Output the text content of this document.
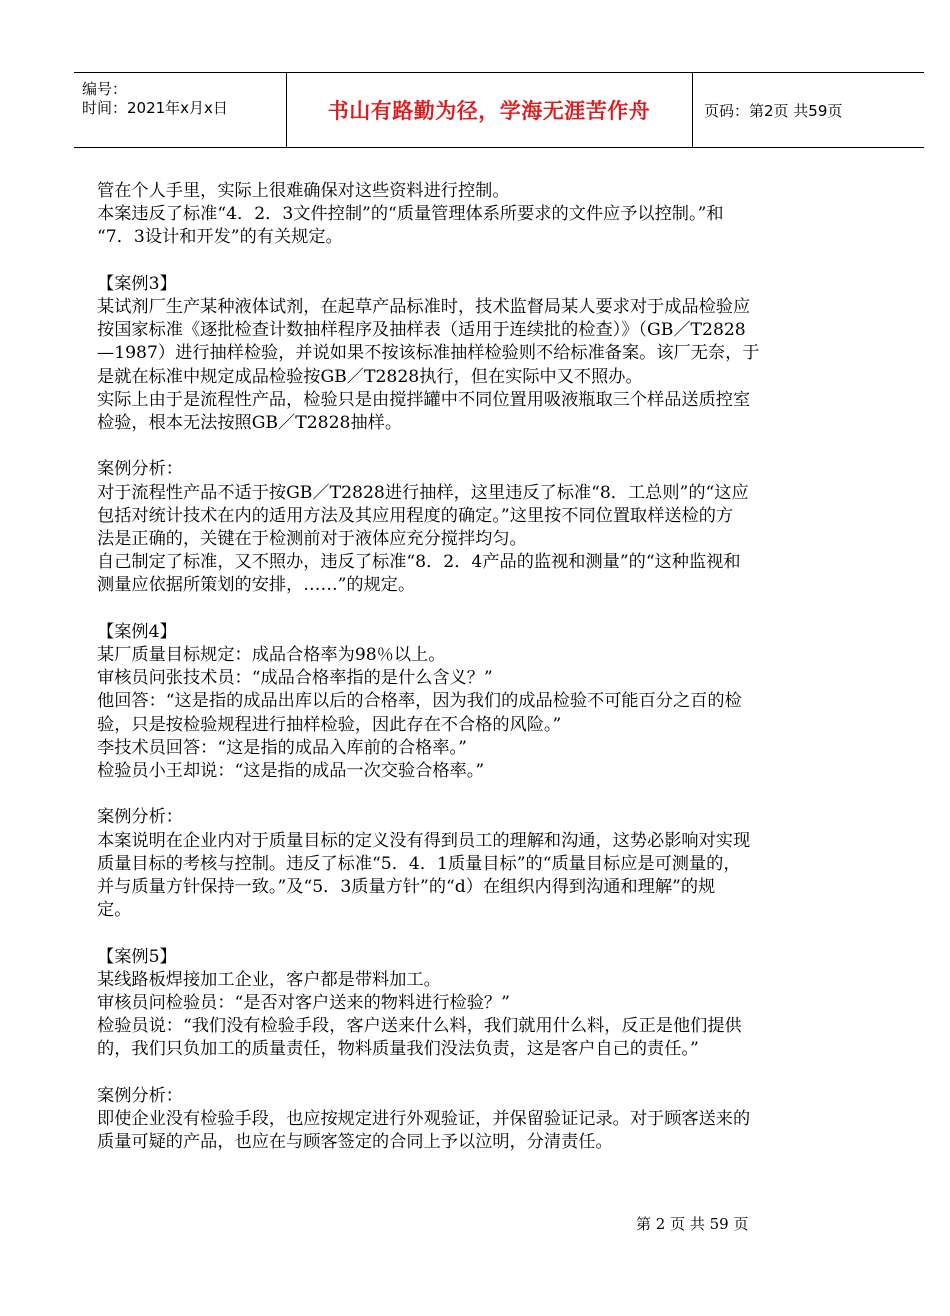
编号：
时间：2021年x月x日	书山有路勤为径，学海无涯苦作舟	页码：第2页 共59页

管在个人手里，实际上很难确保对这些资料进行控制。

本案违反了标准“4．2．3文件控制”的“质量管理体系所要求的文件应予以控制。”和

“7．3设计和开发”的有关规定。

【案例3】

某试剂厂生产某种液体试剂，在起草产品标准时，技术监督局某人要求对于成品检验应

按国家标准《逐批检查计数抽样程序及抽样表（适用于连续批的检查）》（GB／T2828

—1987）进行抽样检验，并说如果不按该标准抽样检验则不给标准备案。该厂无奈，于

是就在标准中规定成品检验按GB／T2828执行，但在实际中又不照办。

实际上由于是流程性产品，检验只是由搅拌罐中不同位置用吸液瓶取三个样品送质控室

检验，根本无法按照GB／T2828抽样。

案例分析：

对于流程性产品不适于按GB／T2828进行抽样，这里违反了标准“8．工总则”的“这应

包括对统计技术在内的适用方法及其应用程度的确定。”这里按不同位置取样送检的方

法是正确的，关键在于检测前对于液体应充分搅拌均匀。

自己制定了标准，又不照办，违反了标准“8．2．4产品的监视和测量”的“这种监视和

测量应依据所策划的安排，……”的规定。

【案例4】

某厂质量目标规定：成品合格率为98％以上。

审核员问张技术员：“成品合格率指的是什么含义？”

他回答：“这是指的成品出库以后的合格率，因为我们的成品检验不可能百分之百的检

验，只是按检验规程进行抽样检验，因此存在不合格的风险。”

李技术员回答：“这是指的成品入库前的合格率。”

检验员小王却说：“这是指的成品一次交验合格率。”

案例分析：

本案说明在企业内对于质量目标的定义没有得到员工的理解和沟通，这势必影响对实现

质量目标的考核与控制。违反了标准“5．4．1质量目标”的“质量目标应是可测量的，

并与质量方针保持一致。”及“5．3质量方针”的“d）在组织内得到沟通和理解”的规

定。

【案例5】

某线路板焊接加工企业，客户都是带料加工。

审核员问检验员：“是否对客户送来的物料进行检验？”

检验员说：“我们没有检验手段，客户送来什么料，我们就用什么料，反正是他们提供

的，我们只负加工的质量责任，物料质量我们没法负责，这是客户自己的责任。”

案例分析：

即使企业没有检验手段，也应按规定进行外观验证，并保留验证记录。对于顾客送来的

质量可疑的产品，也应在与顾客签定的合同上予以泣明，分清责任。

第 2 页 共 59 页
